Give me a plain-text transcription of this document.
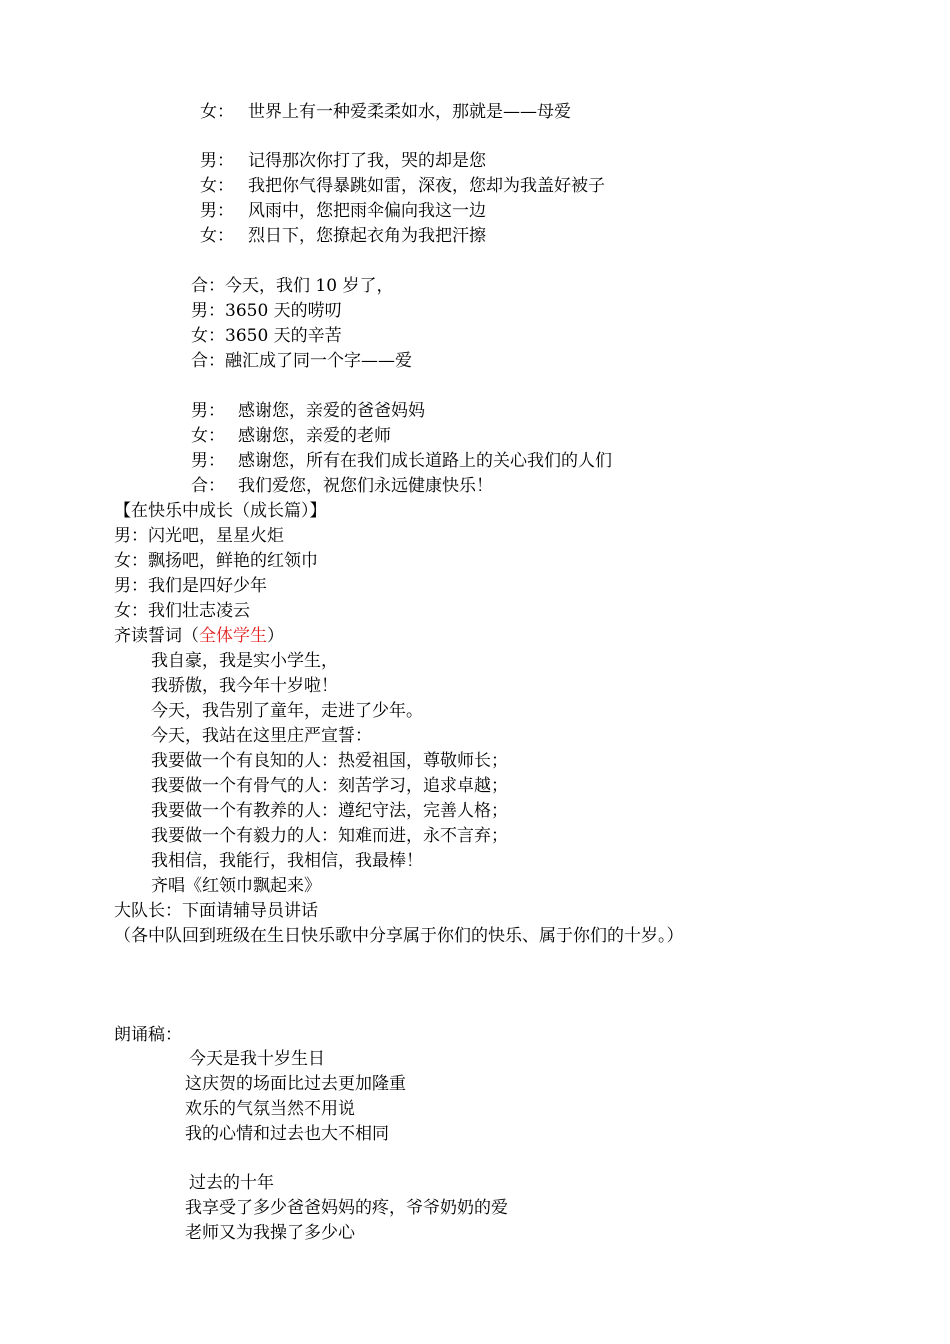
女： 世界上有一种爱柔柔如水，那就是——母爱
男： 记得那次你打了我，哭的却是您
女： 我把你气得暴跳如雷，深夜，您却为我盖好被子
男： 风雨中，您把雨伞偏向我这一边
女： 烈日下，您撩起衣角为我把汗擦
合：今天，我们 10 岁了，
男：3650 天的唠叨
女：3650 天的辛苦
合：融汇成了同一个字——爱
男： 感谢您，亲爱的爸爸妈妈
女： 感谢您，亲爱的老师
男： 感谢您，所有在我们成长道路上的关心我们的人们
合： 我们爱您，祝您们永远健康快乐！
【在快乐中成长（成长篇）】
男：闪光吧，星星火炬
女：飘扬吧，鲜艳的红领巾
男：我们是四好少年
女：我们壮志凌云
齐读誓词（全体学生）
我自豪，我是实小学生，
我骄傲，我今年十岁啦！
今天，我告别了童年，走进了少年。
今天，我站在这里庄严宣誓：
我要做一个有良知的人：热爱祖国，尊敬师长；
我要做一个有骨气的人：刻苦学习，追求卓越；
我要做一个有教养的人：遵纪守法，完善人格；
我要做一个有毅力的人：知难而进，永不言弃；
我相信，我能行，我相信，我最棒！
齐唱《红领巾飘起来》
大队长：下面请辅导员讲话
（各中队回到班级在生日快乐歌中分享属于你们的快乐、属于你们的十岁。）
朗诵稿：
今天是我十岁生日
这庆贺的场面比过去更加隆重
欢乐的气氛当然不用说
我的心情和过去也大不相同
过去的十年
我享受了多少爸爸妈妈的疼，爷爷奶奶的爱
老师又为我操了多少心
